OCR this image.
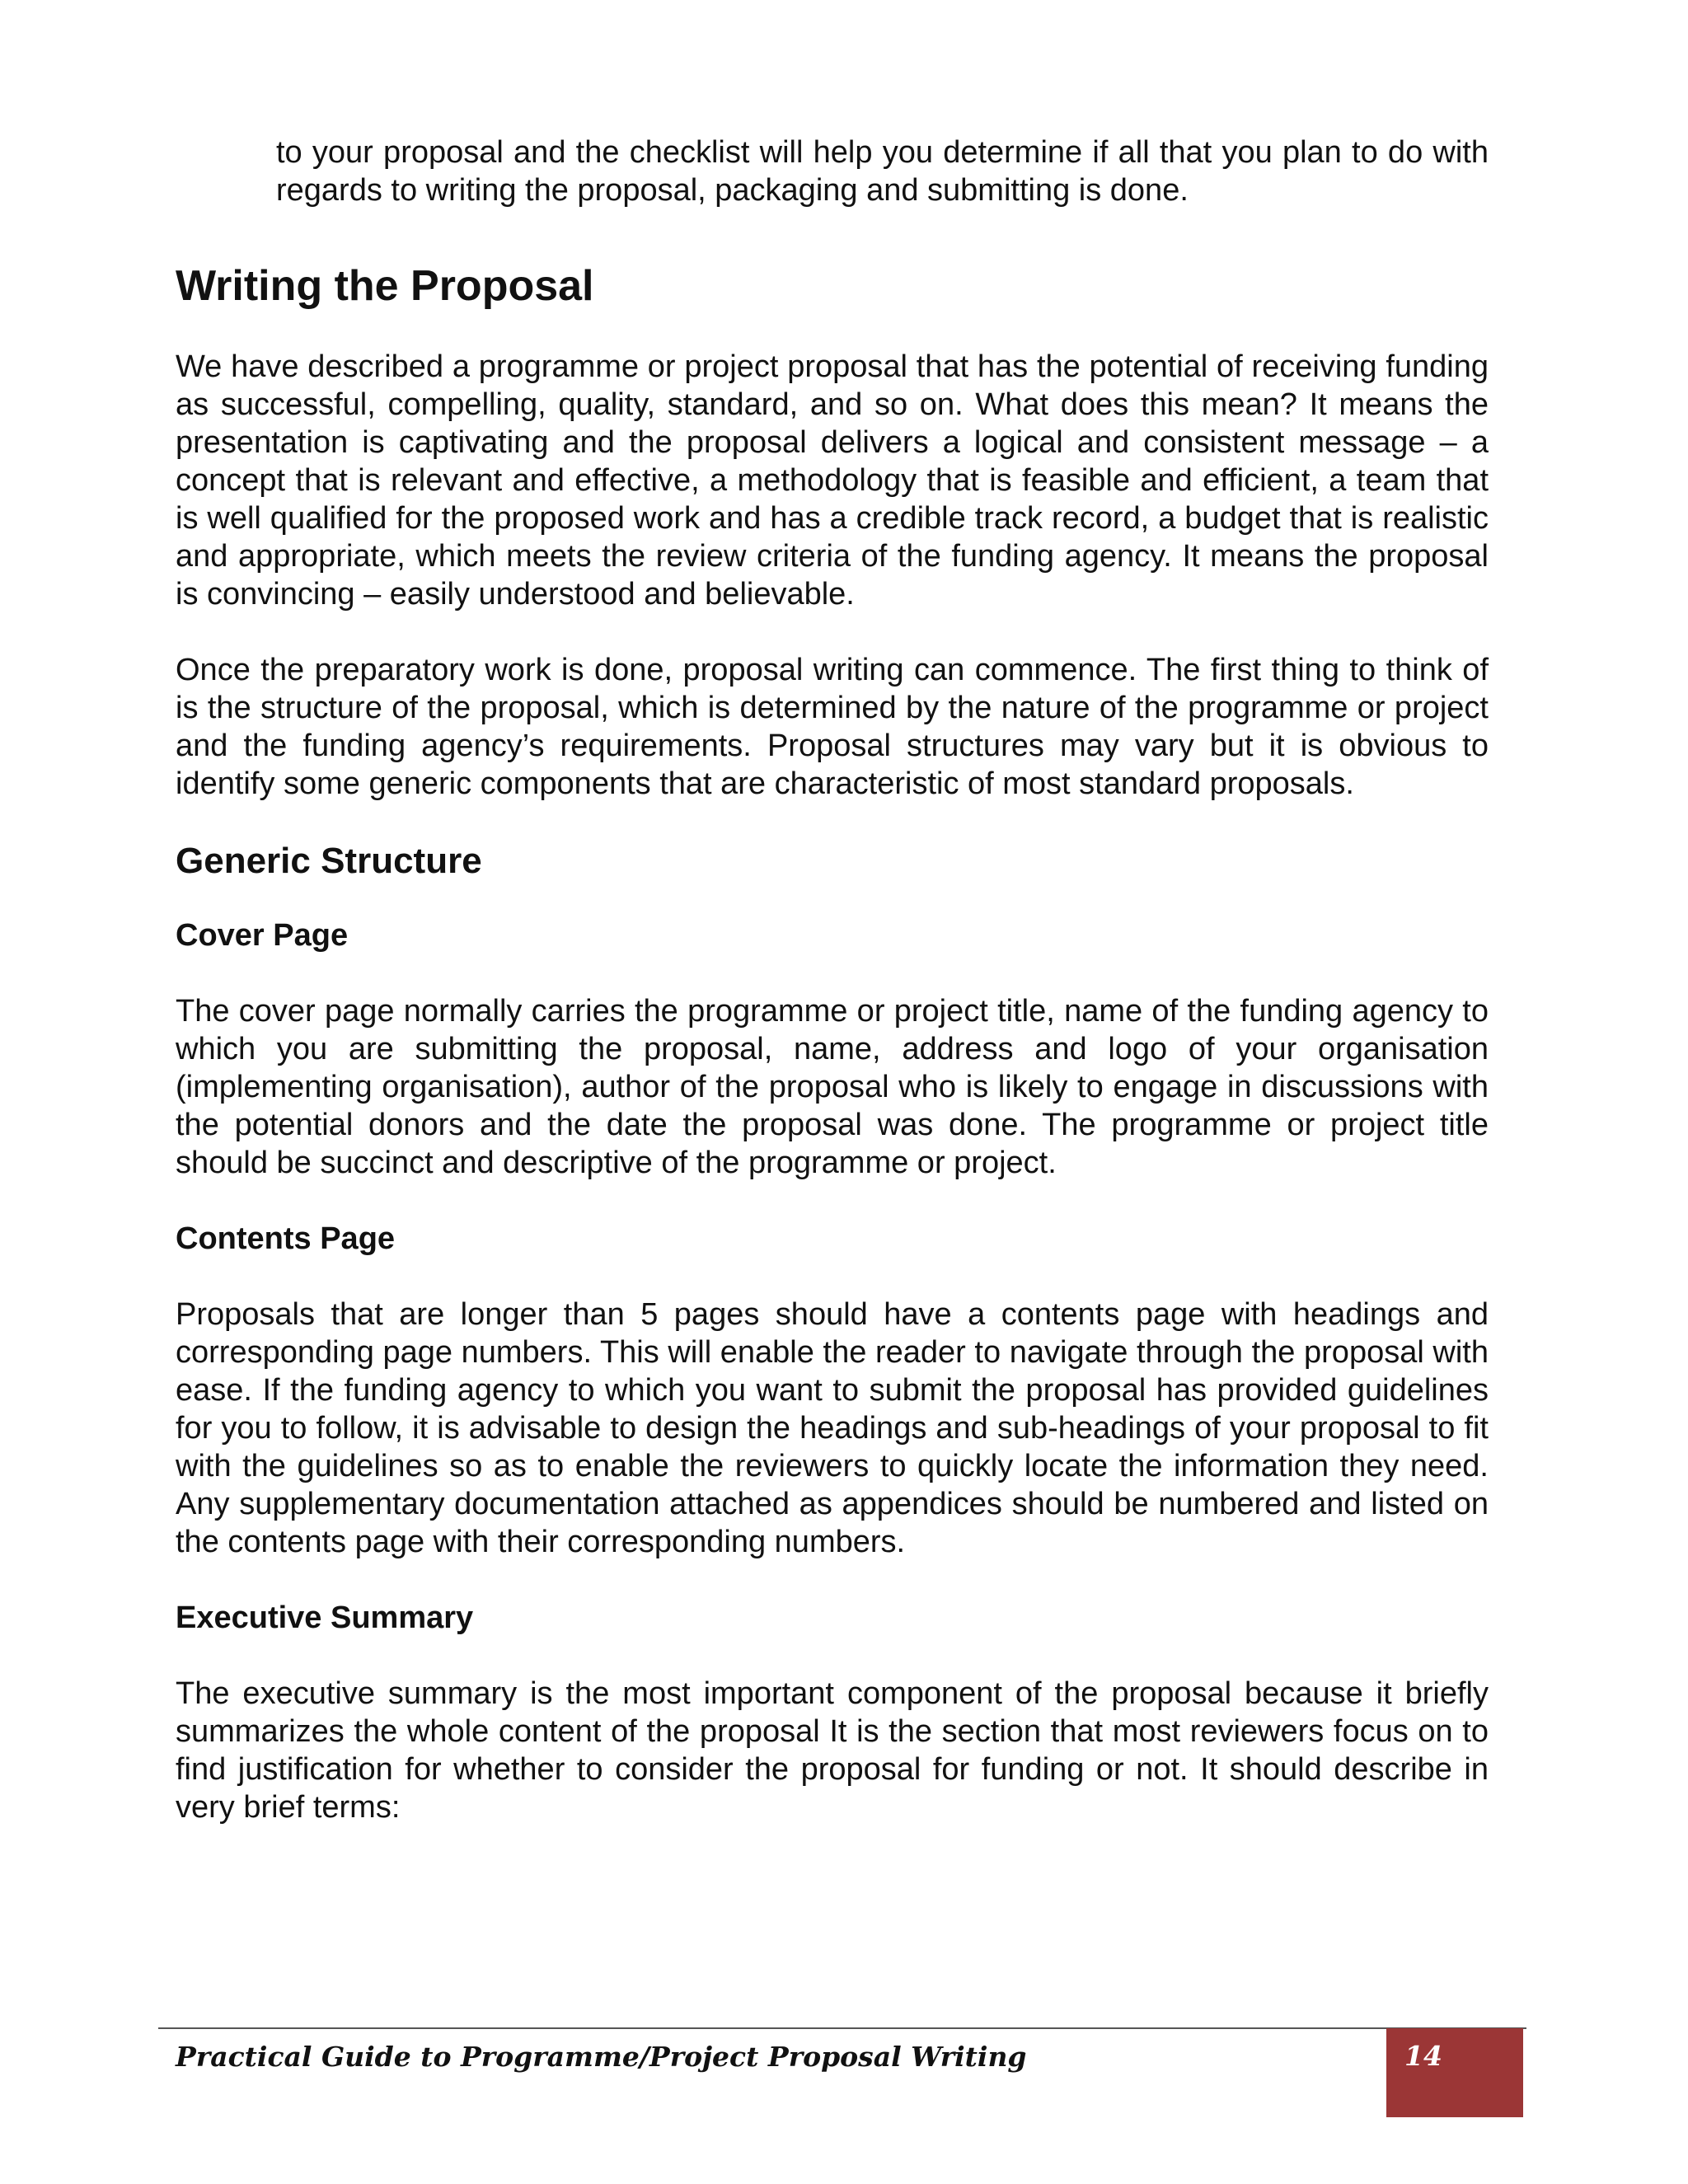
to your proposal and the checklist will help you determine if all that you plan to do with regards to writing the proposal, packaging and submitting is done.

Writing the Proposal

We have described a programme or project proposal that has the potential of receiving funding as successful, compelling, quality, standard, and so on. What does this mean? It means the presentation is captivating and the proposal delivers a logical and consistent message – a concept that is relevant and effective, a methodology that is feasible and efficient, a team that is well qualified for the proposed work and has a credible track record, a budget that is realistic and appropriate, which meets the review criteria of the funding agency. It means the proposal is convincing – easily understood and believable.

Once the preparatory work is done, proposal writing can commence. The first thing to think of is the structure of the proposal, which is determined by the nature of the programme or project and the funding agency’s requirements. Proposal structures may vary but it is obvious to identify some generic components that are characteristic of most standard proposals.

Generic Structure
Cover Page

The cover page normally carries the programme or project title, name of the funding agency to which you are submitting the proposal, name, address and logo of your organisation (implementing organisation), author of the proposal who is likely to engage in discussions with the potential donors and the date the proposal was done. The programme or project title should be succinct and descriptive of the programme or project.

Contents Page

Proposals that are longer than 5 pages should have a contents page with headings and corresponding page numbers. This will enable the reader to navigate through the proposal with ease. If the funding agency to which you want to submit the proposal has provided guidelines for you to follow, it is advisable to design the headings and sub-headings of your proposal to fit with the guidelines so as to enable the reviewers to quickly locate the information they need. Any supplementary documentation attached as appendices should be numbered and listed on the contents page with their corresponding numbers.

Executive Summary

The executive summary is the most important component of the proposal because it briefly summarizes the whole content of the proposal It is the section that most reviewers focus on to find justification for whether to consider the proposal for funding or not. It should describe in very brief terms:

Practical Guide to Programme/Project Proposal Writing	14
